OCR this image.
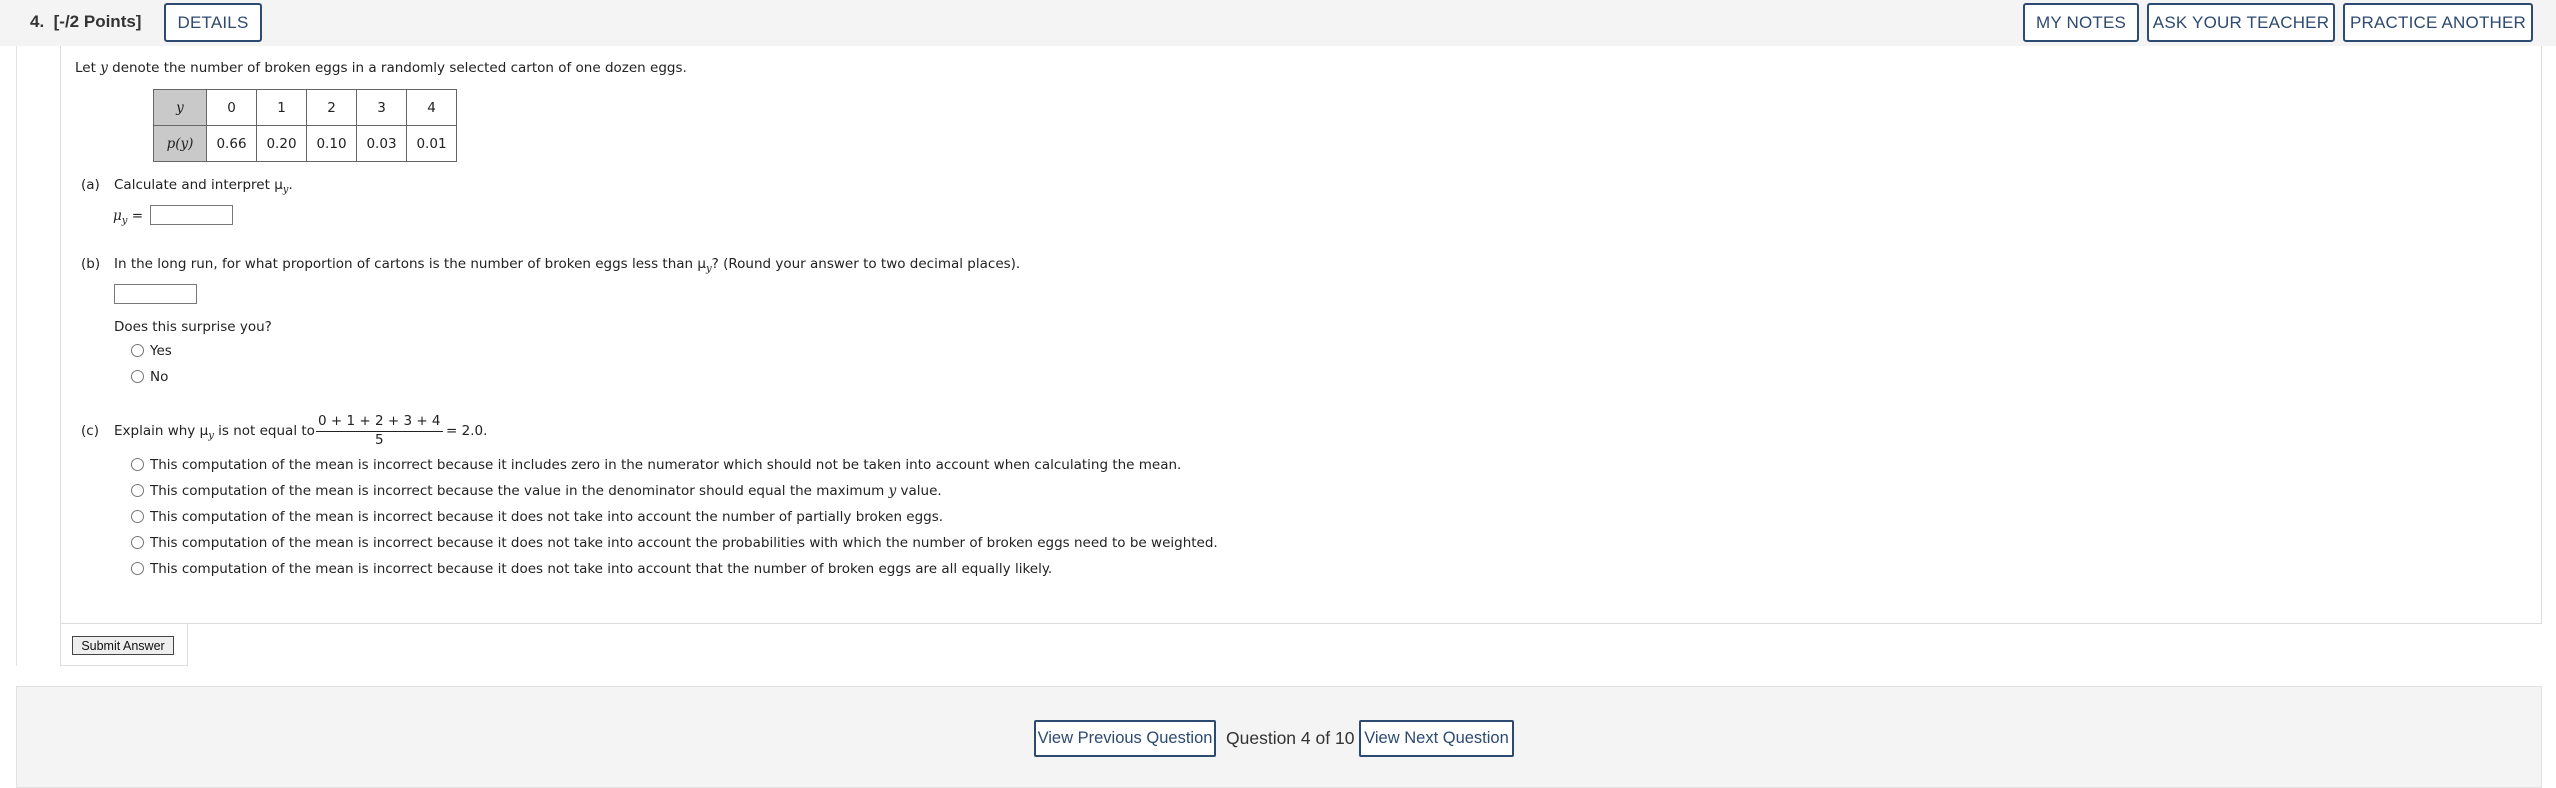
4. [-/2 Points]	DETAILS	MY NOTES	ASK YOUR TEACHER	PRACTICE ANOTHER
Let y denote the number of broken eggs in a randomly selected carton of one dozen eggs.
y	0	1	2	3	4
p(y)	0.66	0.20	0.10	0.03	0.01
(a) Calculate and interpret $\mu_y$.
$\mu_y$ =
(b) In the long run, for what proportion of cartons is the number of broken eggs less than $\mu_y$? (Round your answer to two decimal places).
Does this surprise you?
Yes
No
(c) Explain why $\mu_y$ is not equal to $\frac{0 + 1 + 2 + 3 + 4}{5} = 2.0$.
This computation of the mean is incorrect because it includes zero in the numerator which should not be taken into account when calculating the mean.
This computation of the mean is incorrect because the value in the denominator should equal the maximum y value.
This computation of the mean is incorrect because it does not take into account the number of partially broken eggs.
This computation of the mean is incorrect because it does not take into account the probabilities with which the number of broken eggs need to be weighted.
This computation of the mean is incorrect because it does not take into account that the number of broken eggs are all equally likely.
Submit Answer
View Previous Question Question 4 of 10 View Next Question
